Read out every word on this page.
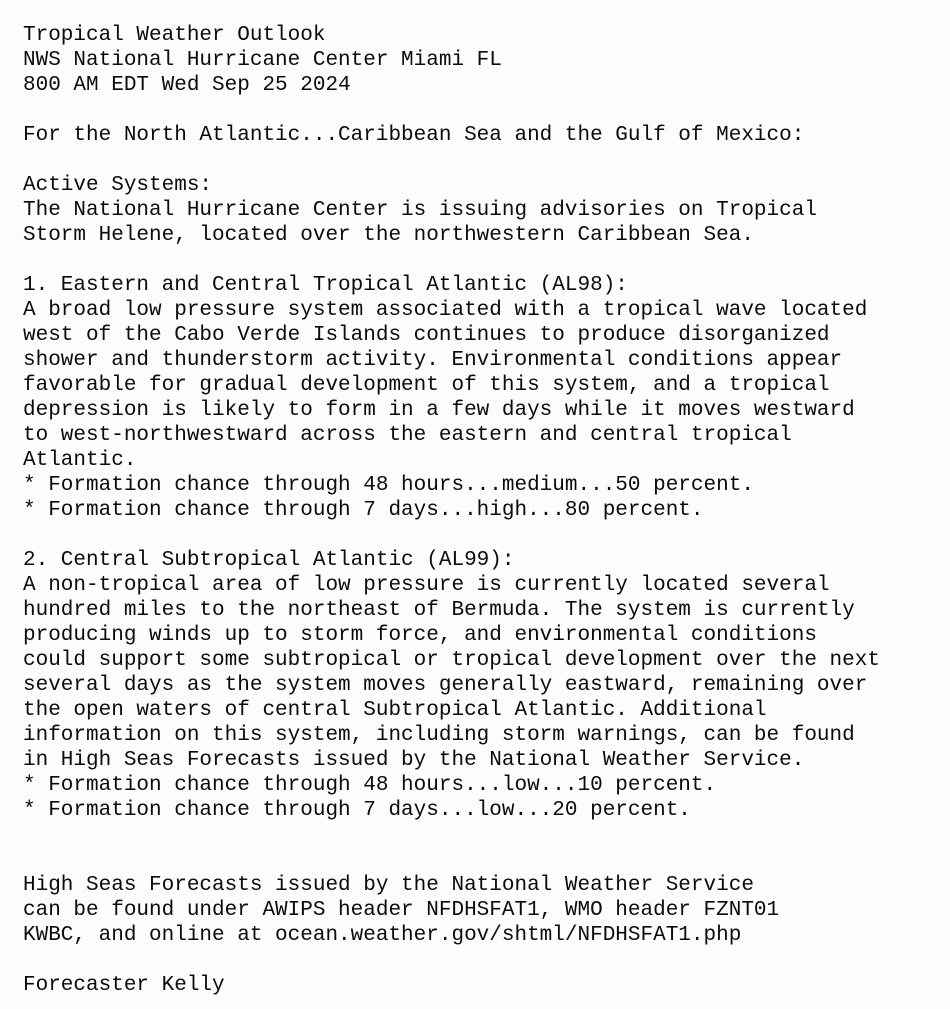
Tropical Weather Outlook
NWS National Hurricane Center Miami FL
800 AM EDT Wed Sep 25 2024
For the North Atlantic...Caribbean Sea and the Gulf of Mexico:
Active Systems:
The National Hurricane Center is issuing advisories on Tropical
Storm Helene, located over the northwestern Caribbean Sea.
1. Eastern and Central Tropical Atlantic (AL98):
A broad low pressure system associated with a tropical wave located
west of the Cabo Verde Islands continues to produce disorganized
shower and thunderstorm activity. Environmental conditions appear
favorable for gradual development of this system, and a tropical
depression is likely to form in a few days while it moves westward
to west-northwestward across the eastern and central tropical
Atlantic.
* Formation chance through 48 hours...medium...50 percent.
* Formation chance through 7 days...high...80 percent.
2. Central Subtropical Atlantic (AL99):
A non-tropical area of low pressure is currently located several
hundred miles to the northeast of Bermuda. The system is currently
producing winds up to storm force, and environmental conditions
could support some subtropical or tropical development over the next
several days as the system moves generally eastward, remaining over
the open waters of central Subtropical Atlantic. Additional
information on this system, including storm warnings, can be found
in High Seas Forecasts issued by the National Weather Service.
* Formation chance through 48 hours...low...10 percent.
* Formation chance through 7 days...low...20 percent.
High Seas Forecasts issued by the National Weather Service
can be found under AWIPS header NFDHSFAT1, WMO header FZNT01
KWBC, and online at ocean.weather.gov/shtml/NFDHSFAT1.php
Forecaster Kelly
